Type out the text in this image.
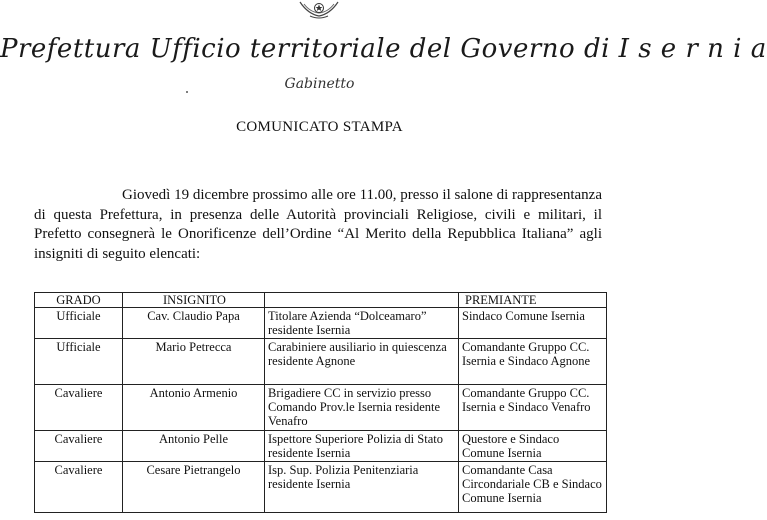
Prefettura Ufficio territoriale del Governo di I s e r n i a
Gabinetto
COMUNICATO STAMPA
Giovedì 19 dicembre prossimo alle ore 11.00, presso il salone di rappresentanza di questa Prefettura, in presenza delle Autorità provinciali Religiose, civili e militari, il Prefetto consegnerà le Onorificenze dell’Ordine “Al Merito della Repubblica Italiana” agli insigniti di seguito elencati:
GRADO	INSIGNITO		PREMIANTE
Ufficiale	Cav. Claudio Papa	Titolare Azienda “Dolceamaro” residente Isernia	Sindaco Comune Isernia
Ufficiale	Mario Petrecca	Carabiniere ausiliario in quiescenza residente Agnone	Comandante Gruppo CC. Isernia e Sindaco Agnone
Cavaliere	Antonio Armenio	Brigadiere CC in servizio presso Comando Prov.le Isernia residente Venafro	Comandante Gruppo CC. Isernia e Sindaco Venafro
Cavaliere	Antonio Pelle	Ispettore Superiore Polizia di Stato residente Isernia	Questore e Sindaco Comune Isernia
Cavaliere	Cesare Pietrangelo	Isp. Sup. Polizia Penitenziaria residente Isernia	Comandante Casa Circondariale CB e Sindaco Comune Isernia
